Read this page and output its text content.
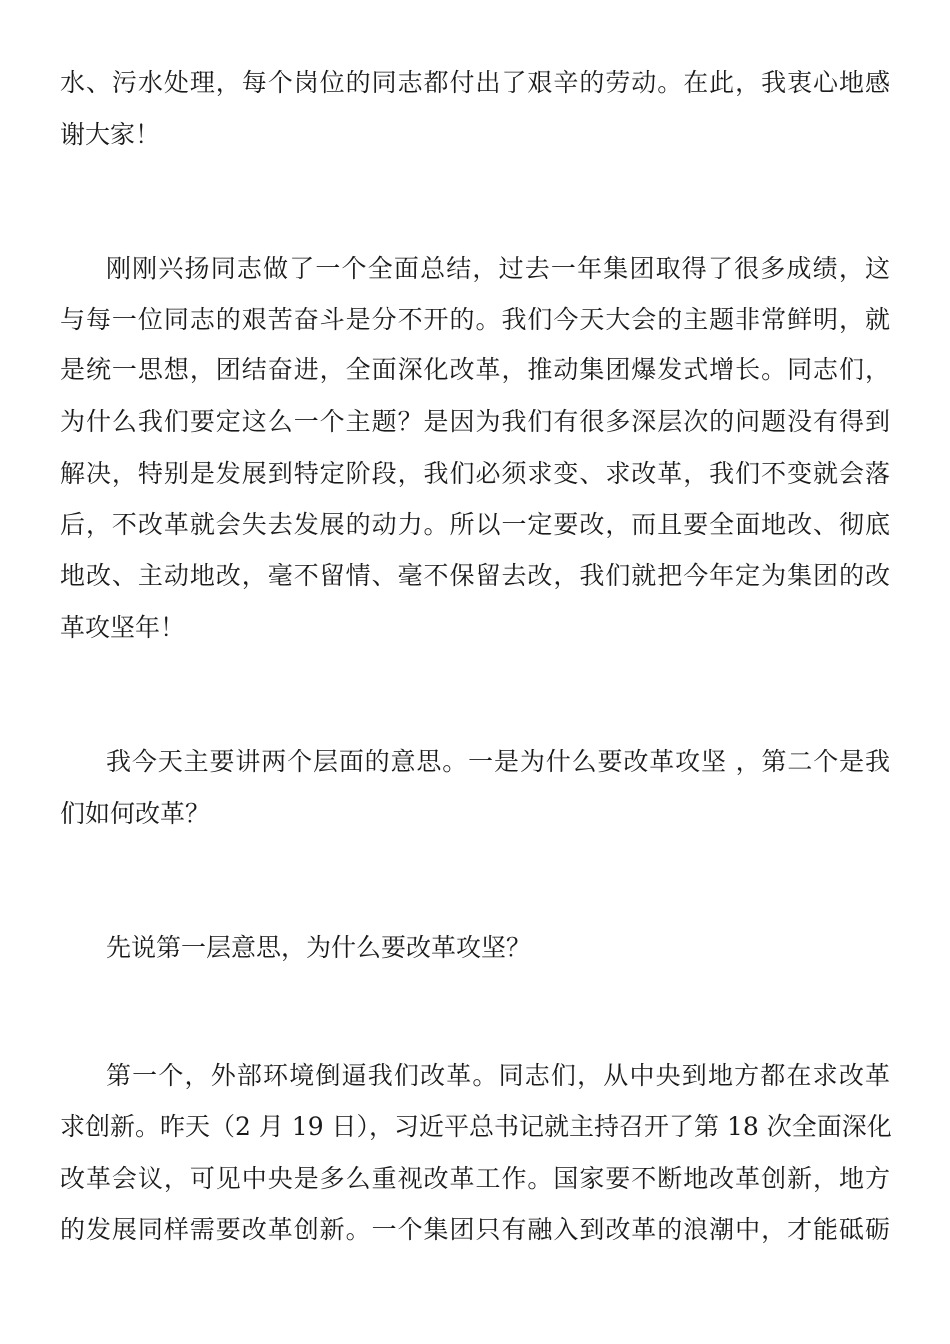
水、污水处理，每个岗位的同志都付出了艰辛的劳动。在此，我衷心地感
谢大家！
刚刚兴扬同志做了一个全面总结，过去一年集团取得了很多成绩，这
与每一位同志的艰苦奋斗是分不开的。我们今天大会的主题非常鲜明，就
是统一思想，团结奋进，全面深化改革，推动集团爆发式增长。同志们，
为什么我们要定这么一个主题？是因为我们有很多深层次的问题没有得到
解决，特别是发展到特定阶段，我们必须求变、求改革，我们不变就会落
后，不改革就会失去发展的动力。所以一定要改，而且要全面地改、彻底
地改、主动地改，毫不留情、毫不保留去改，我们就把今年定为集团的改
革攻坚年！
我今天主要讲两个层面的意思。一是为什么要改革攻坚 ，第二个是我
们如何改革？
先说第一层意思，为什么要改革攻坚？
第一个，外部环境倒逼我们改革。同志们，从中央到地方都在求改革
求创新。昨天（2 月 19 日），习近平总书记就主持召开了第 18 次全面深化
改革会议，可见中央是多么重视改革工作。国家要不断地改革创新，地方
的发展同样需要改革创新。一个集团只有融入到改革的浪潮中，才能砥砺
